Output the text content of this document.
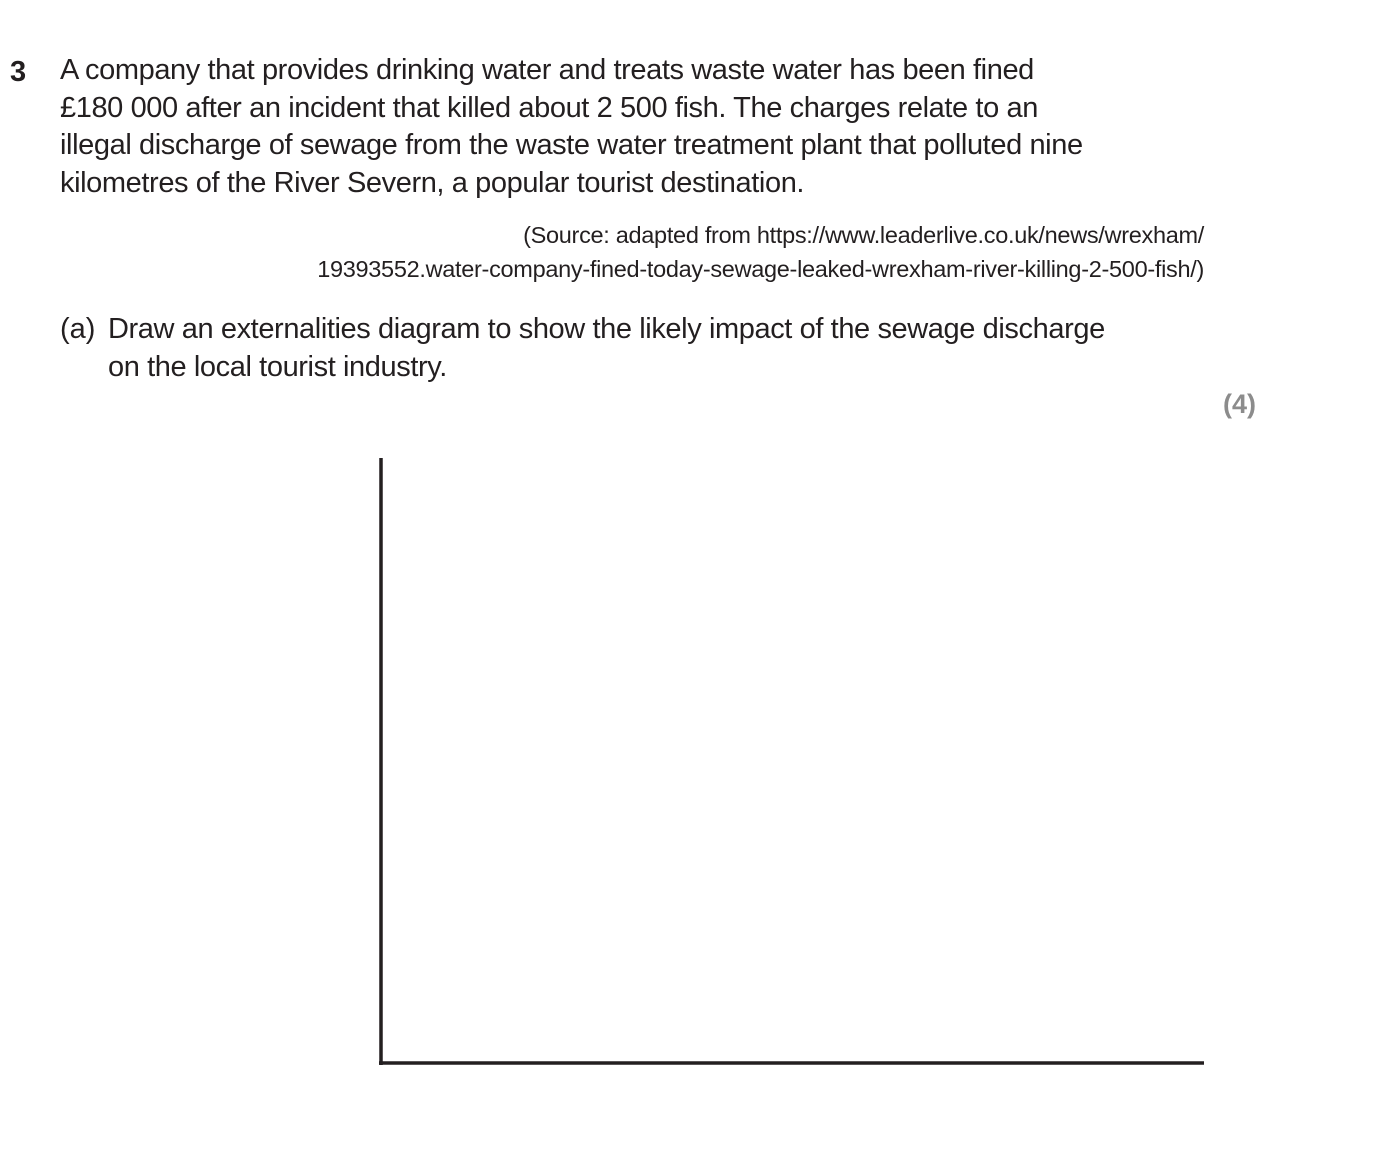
3 A company that provides drinking water and treats waste water has been fined
£180 000 after an incident that killed about 2 500 fish. The charges relate to an
illegal discharge of sewage from the waste water treatment plant that polluted nine
kilometres of the River Severn, a popular tourist destination.
(Source: adapted from https://www.leaderlive.co.uk/news/wrexham/
19393552.water-company-fined-today-sewage-leaked-wrexham-river-killing-2-500-fish/)
(a) Draw an externalities diagram to show the likely impact of the sewage discharge
on the local tourist industry.
(4)
